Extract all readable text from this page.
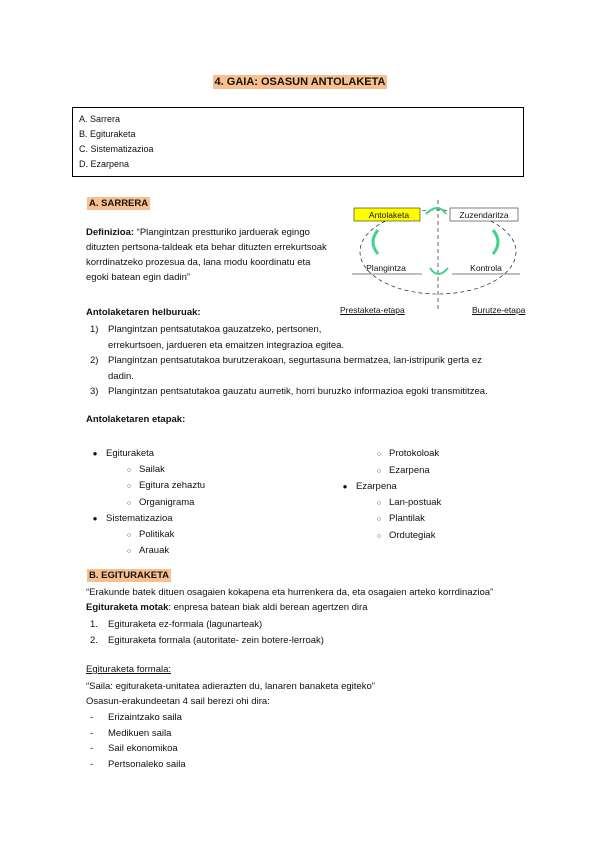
4. GAIA: OSASUN ANTOLAKETA
A. Sarrera
B. Egituraketa
C. Sistematizazioa
D. Ezarpena
A. SARRERA
Definizioa: “Plangintzan prestturiko jarduerak egingo
dituzten pertsona-taldeak eta behar dituzten errekurtsoak
korrdinatzeko prozesua da, lana modu koordinatu eta
egoki batean egin dadin”
Antolaketa	Zuzendaritza
Plangintza	Kontrola
Prestaketa-etapa	Burutze-etapa
Antolaketaren helburuak:
1) Plangintzan pentsatutakoa gauzatzeko, pertsonen,
errekurtsoen, jardueren eta emaitzen integrazioa egitea.
2) Plangintzan pentsatutakoa burutzerakoan, segurtasuna bermatzea, lan-istripurik gerta ez
dadin.
3) Plangintzan pentsatutakoa gauzatu aurretik, horri buruzko informazioa egoki transmititzea.
Antolaketaren etapak:
● Egituraketa
○ Sailak
○ Egitura zehaztu
○ Organigrama
● Sistematizazioa
○ Politikak
○ Arauak
○ Protokoloak
○ Ezarpena
● Ezarpena
○ Lan-postuak
○ Plantilak
○ Ordutegiak
B. EGITURAKETA
“Erakunde batek dituen osagaien kokapena eta hurrenkera da, eta osagaien arteko korrdinazioa”
Egituraketa motak: enpresa batean biak aldi berean agertzen dira
1. Egituraketa ez-formala (lagunarteak)
2. Egituraketa formala (autoritate- zein botere-lerroak)
Egituraketa formala:
“Saila: egituraketa-unitatea adierazten du, lanaren banaketa egiteko”
Osasun-erakundeetan 4 sail berezi ohi dira:
- Erizaintzako saila
- Medikuen saila
- Sail ekonomikoa
- Pertsonaleko saila
